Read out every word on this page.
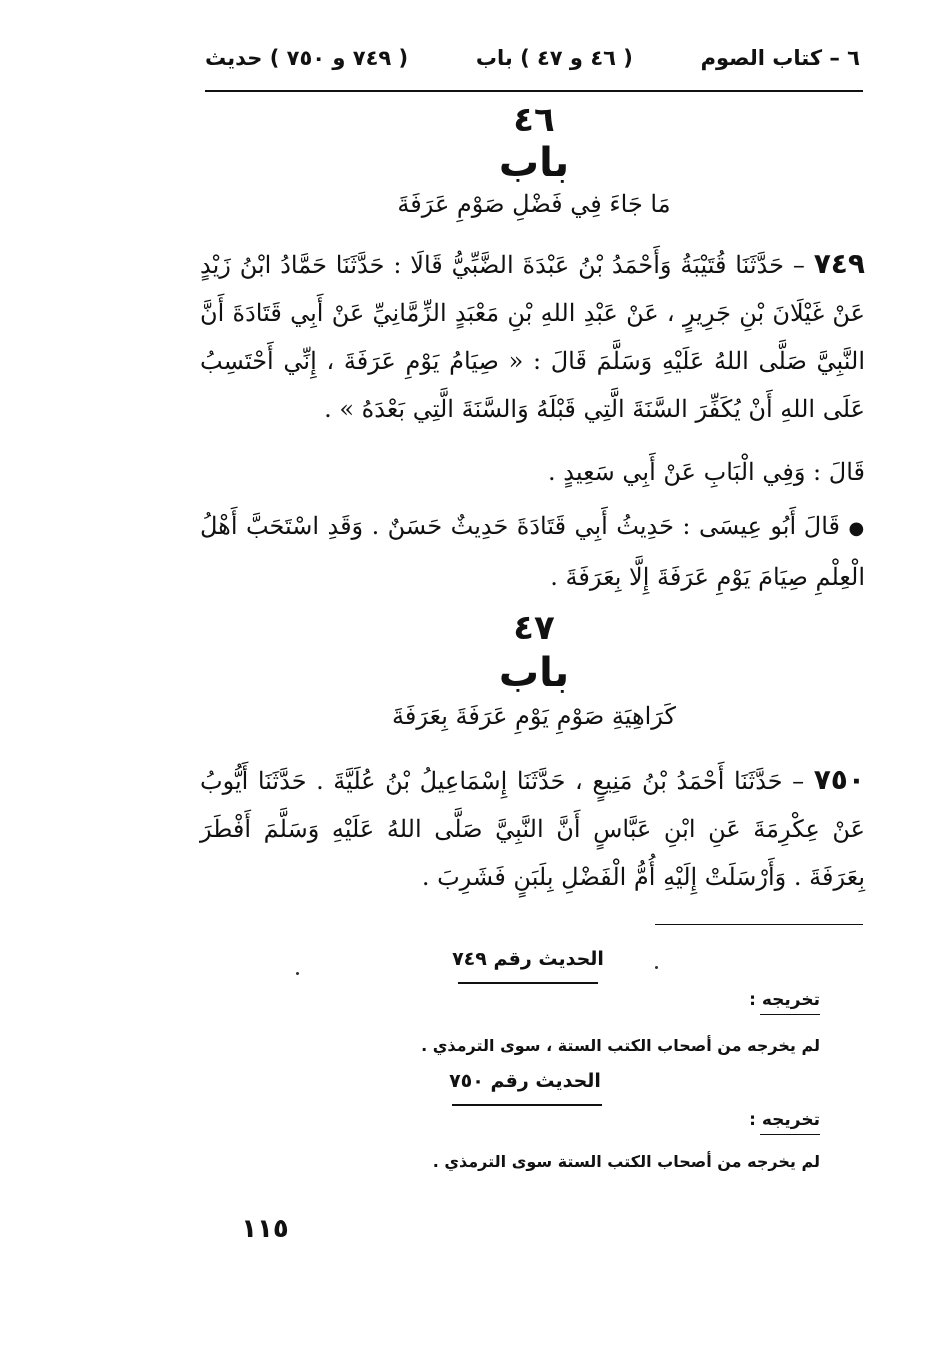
٦ – كتاب الصوم
( ٤٦ و ٤٧ ) باب
( ٧٤٩ و ٧٥٠ ) حديث
٤٦
باب
مَا جَاءَ فِي فَضْلِ صَوْمِ عَرَفَةَ
٧٤٩ – حَدَّثَنَا قُتَيْبَةُ وَأَحْمَدُ بْنُ عَبْدَةَ الضَّبِّيُّ قَالَا : حَدَّثَنَا حَمَّادُ ابْنُ زَيْدٍ عَنْ غَيْلَانَ بْنِ جَرِيرٍ ، عَنْ عَبْدِ اللهِ بْنِ مَعْبَدٍ الزِّمَّانِيِّ عَنْ أَبِي قَتَادَةَ أَنَّ النَّبِيَّ صَلَّى اللهُ عَلَيْهِ وَسَلَّمَ قَالَ : « صِيَامُ يَوْمِ عَرَفَةَ ، إِنِّي أَحْتَسِبُ عَلَى اللهِ أَنْ يُكَفِّرَ السَّنَةَ الَّتِي قَبْلَهُ وَالسَّنَةَ الَّتِي بَعْدَهُ » .
قَالَ : وَفِي الْبَابِ عَنْ أَبِي سَعِيدٍ .
● قَالَ أَبُو عِيسَى : حَدِيثُ أَبِي قَتَادَةَ حَدِيثٌ حَسَنٌ . وَقَدِ اسْتَحَبَّ أَهْلُ الْعِلْمِ صِيَامَ يَوْمِ عَرَفَةَ إِلَّا بِعَرَفَةَ .
٤٧
باب
كَرَاهِيَةِ صَوْمِ يَوْمِ عَرَفَةَ بِعَرَفَةَ
٧٥٠ – حَدَّثَنَا أَحْمَدُ بْنُ مَنِيعٍ ، حَدَّثَنَا إِسْمَاعِيلُ بْنُ عُلَيَّةَ . حَدَّثَنَا أَيُّوبُ عَنْ عِكْرِمَةَ عَنِ ابْنِ عَبَّاسٍ أَنَّ النَّبِيَّ صَلَّى اللهُ عَلَيْهِ وَسَلَّمَ أَفْطَرَ بِعَرَفَةَ . وَأَرْسَلَتْ إِلَيْهِ أُمُّ الْفَضْلِ بِلَبَنٍ فَشَرِبَ .
الحديث رقم ٧٤٩
تخريجه :
لم يخرجه من أصحاب الكتب الستة ، سوى الترمذي .
الحديث رقم ٧٥٠
تخريجه :
لم يخرجه من أصحاب الكتب الستة سوى الترمذي .
١١٥
